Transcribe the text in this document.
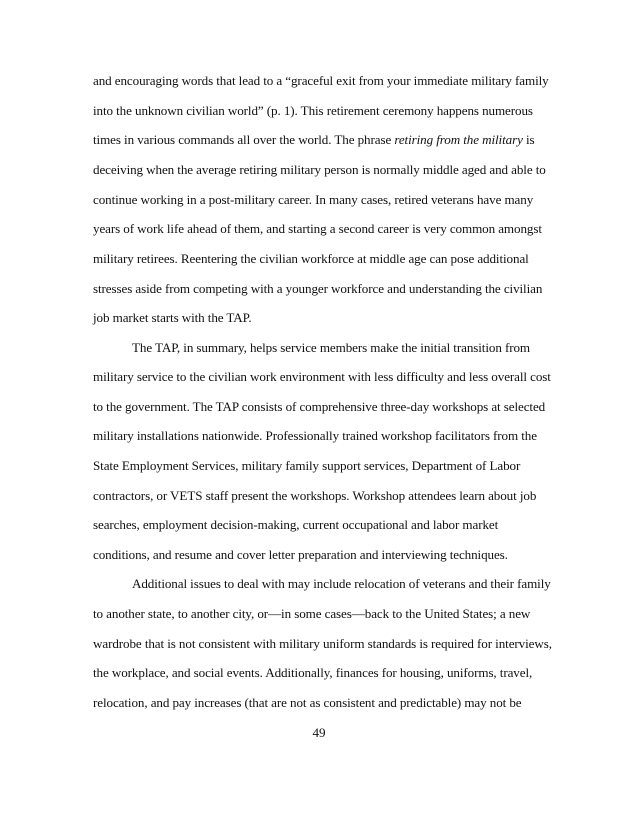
and encouraging words that lead to a “graceful exit from your immediate military family
into the unknown civilian world” (p. 1). This retirement ceremony happens numerous
times in various commands all over the world. The phrase retiring from the military is
deceiving when the average retiring military person is normally middle aged and able to
continue working in a post-military career. In many cases, retired veterans have many
years of work life ahead of them, and starting a second career is very common amongst
military retirees. Reentering the civilian workforce at middle age can pose additional
stresses aside from competing with a younger workforce and understanding the civilian
job market starts with the TAP.
The TAP, in summary, helps service members make the initial transition from
military service to the civilian work environment with less difficulty and less overall cost
to the government. The TAP consists of comprehensive three-day workshops at selected
military installations nationwide. Professionally trained workshop facilitators from the
State Employment Services, military family support services, Department of Labor
contractors, or VETS staff present the workshops. Workshop attendees learn about job
searches, employment decision-making, current occupational and labor market
conditions, and resume and cover letter preparation and interviewing techniques.
Additional issues to deal with may include relocation of veterans and their family
to another state, to another city, or—in some cases—back to the United States; a new
wardrobe that is not consistent with military uniform standards is required for interviews,
the workplace, and social events. Additionally, finances for housing, uniforms, travel,
relocation, and pay increases (that are not as consistent and predictable) may not be
49
